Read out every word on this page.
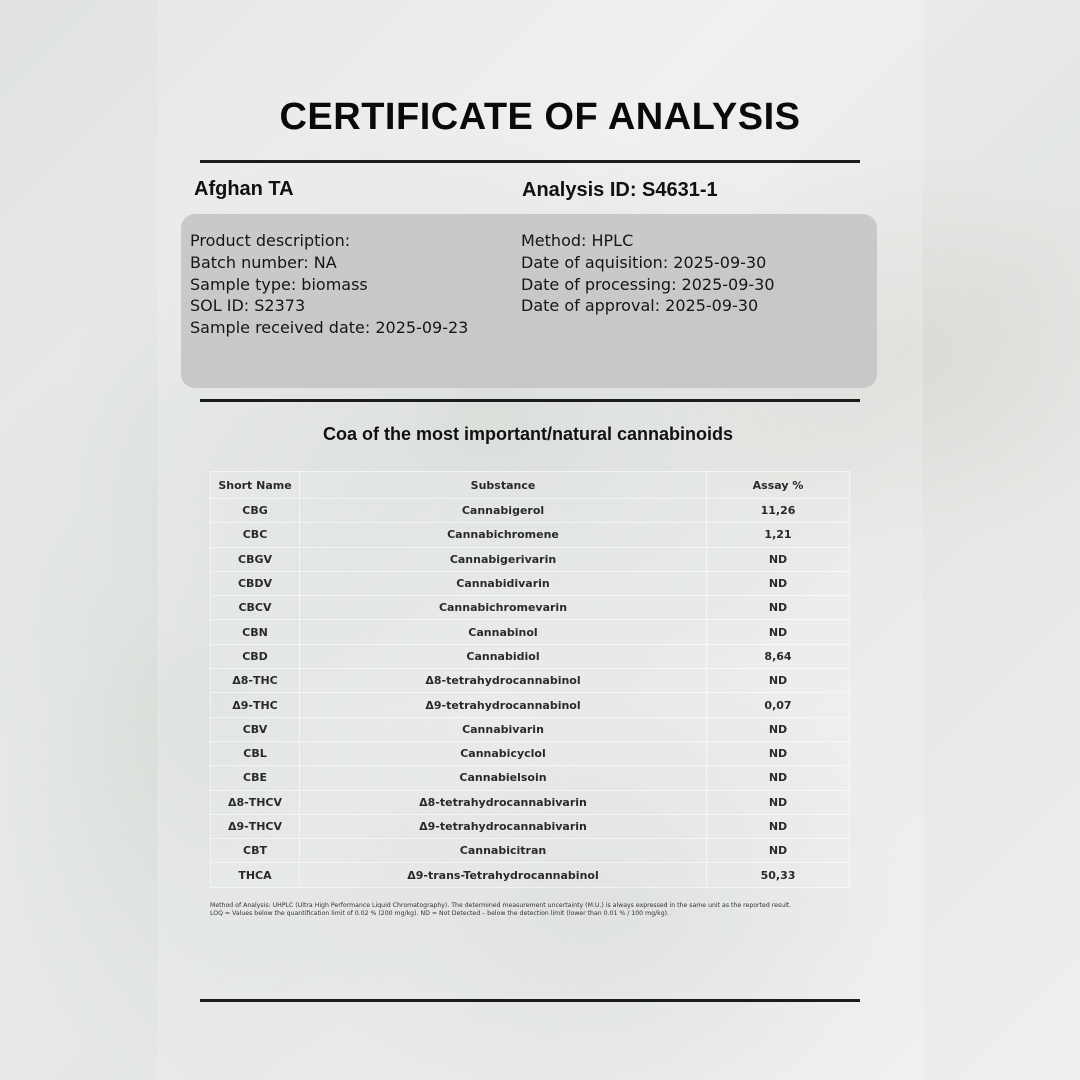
CERTIFICATE OF ANALYSIS
Afghan TA	Analysis ID: S4631-1
Product description:
Batch number: NA
Sample type: biomass
SOL ID: S2373
Sample received date: 2025-09-23
Method: HPLC
Date of aquisition: 2025-09-30
Date of processing: 2025-09-30
Date of approval: 2025-09-30
Coa of the most important/natural cannabinoids
Short Name	Substance	Assay %
CBG	Cannabigerol	11,26
CBC	Cannabichromene	1,21
CBGV	Cannabigerivarin	ND
CBDV	Cannabidivarin	ND
CBCV	Cannabichromevarin	ND
CBN	Cannabinol	ND
CBD	Cannabidiol	8,64
Δ8-THC	Δ8-tetrahydrocannabinol	ND
Δ9-THC	Δ9-tetrahydrocannabinol	0,07
CBV	Cannabivarin	ND
CBL	Cannabicyclol	ND
CBE	Cannabielsoin	ND
Δ8-THCV	Δ8-tetrahydrocannabivarin	ND
Δ9-THCV	Δ9-tetrahydrocannabivarin	ND
CBT	Cannabicitran	ND
THCA	Δ9-trans-Tetrahydrocannabinol	50,33
Method of Analysis: UHPLC (Ultra High Performance Liquid Chromatography). The determined measurement uncertainty (M.U.) is always expressed in the same unit as the reported result.
LOQ = Values below the quantification limit of 0.02 % (200 mg/kg). ND = Not Detected – below the detection limit (lower than 0.01 % / 100 mg/kg).
